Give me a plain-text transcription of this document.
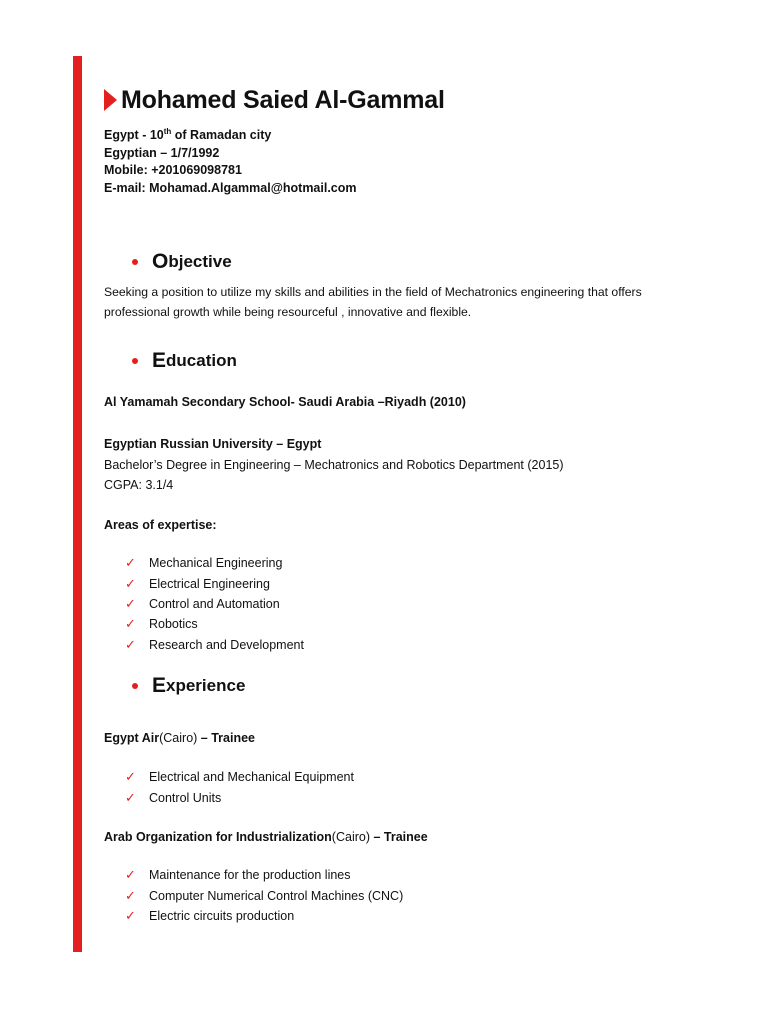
Mohamed Saied Al-Gammal
Egypt - 10th of Ramadan city
Egyptian – 1/7/1992
Mobile: +201069098781
E-mail: Mohamad.Algammal@hotmail.com
O bjective
Seeking a position to utilize my skills and abilities in the field of Mechatronics engineering that offers professional growth while being resourceful , innovative and flexible.
E ducation
Al Yamamah Secondary School- Saudi Arabia –Riyadh (2010)
Egyptian Russian University – Egypt
Bachelor’s Degree in Engineering – Mechatronics and Robotics Department (2015)
CGPA: 3.1/4
Areas of expertise:
✓	Mechanical Engineering
✓	Electrical Engineering
✓	Control and Automation
✓	Robotics
✓	Research and Development
E xperience
Egypt Air(Cairo) – Trainee
✓	Electrical and Mechanical Equipment
✓	Control Units
Arab Organization for Industrialization(Cairo) – Trainee
✓	Maintenance for the production lines
✓	Computer Numerical Control Machines (CNC)
✓	Electric circuits production
